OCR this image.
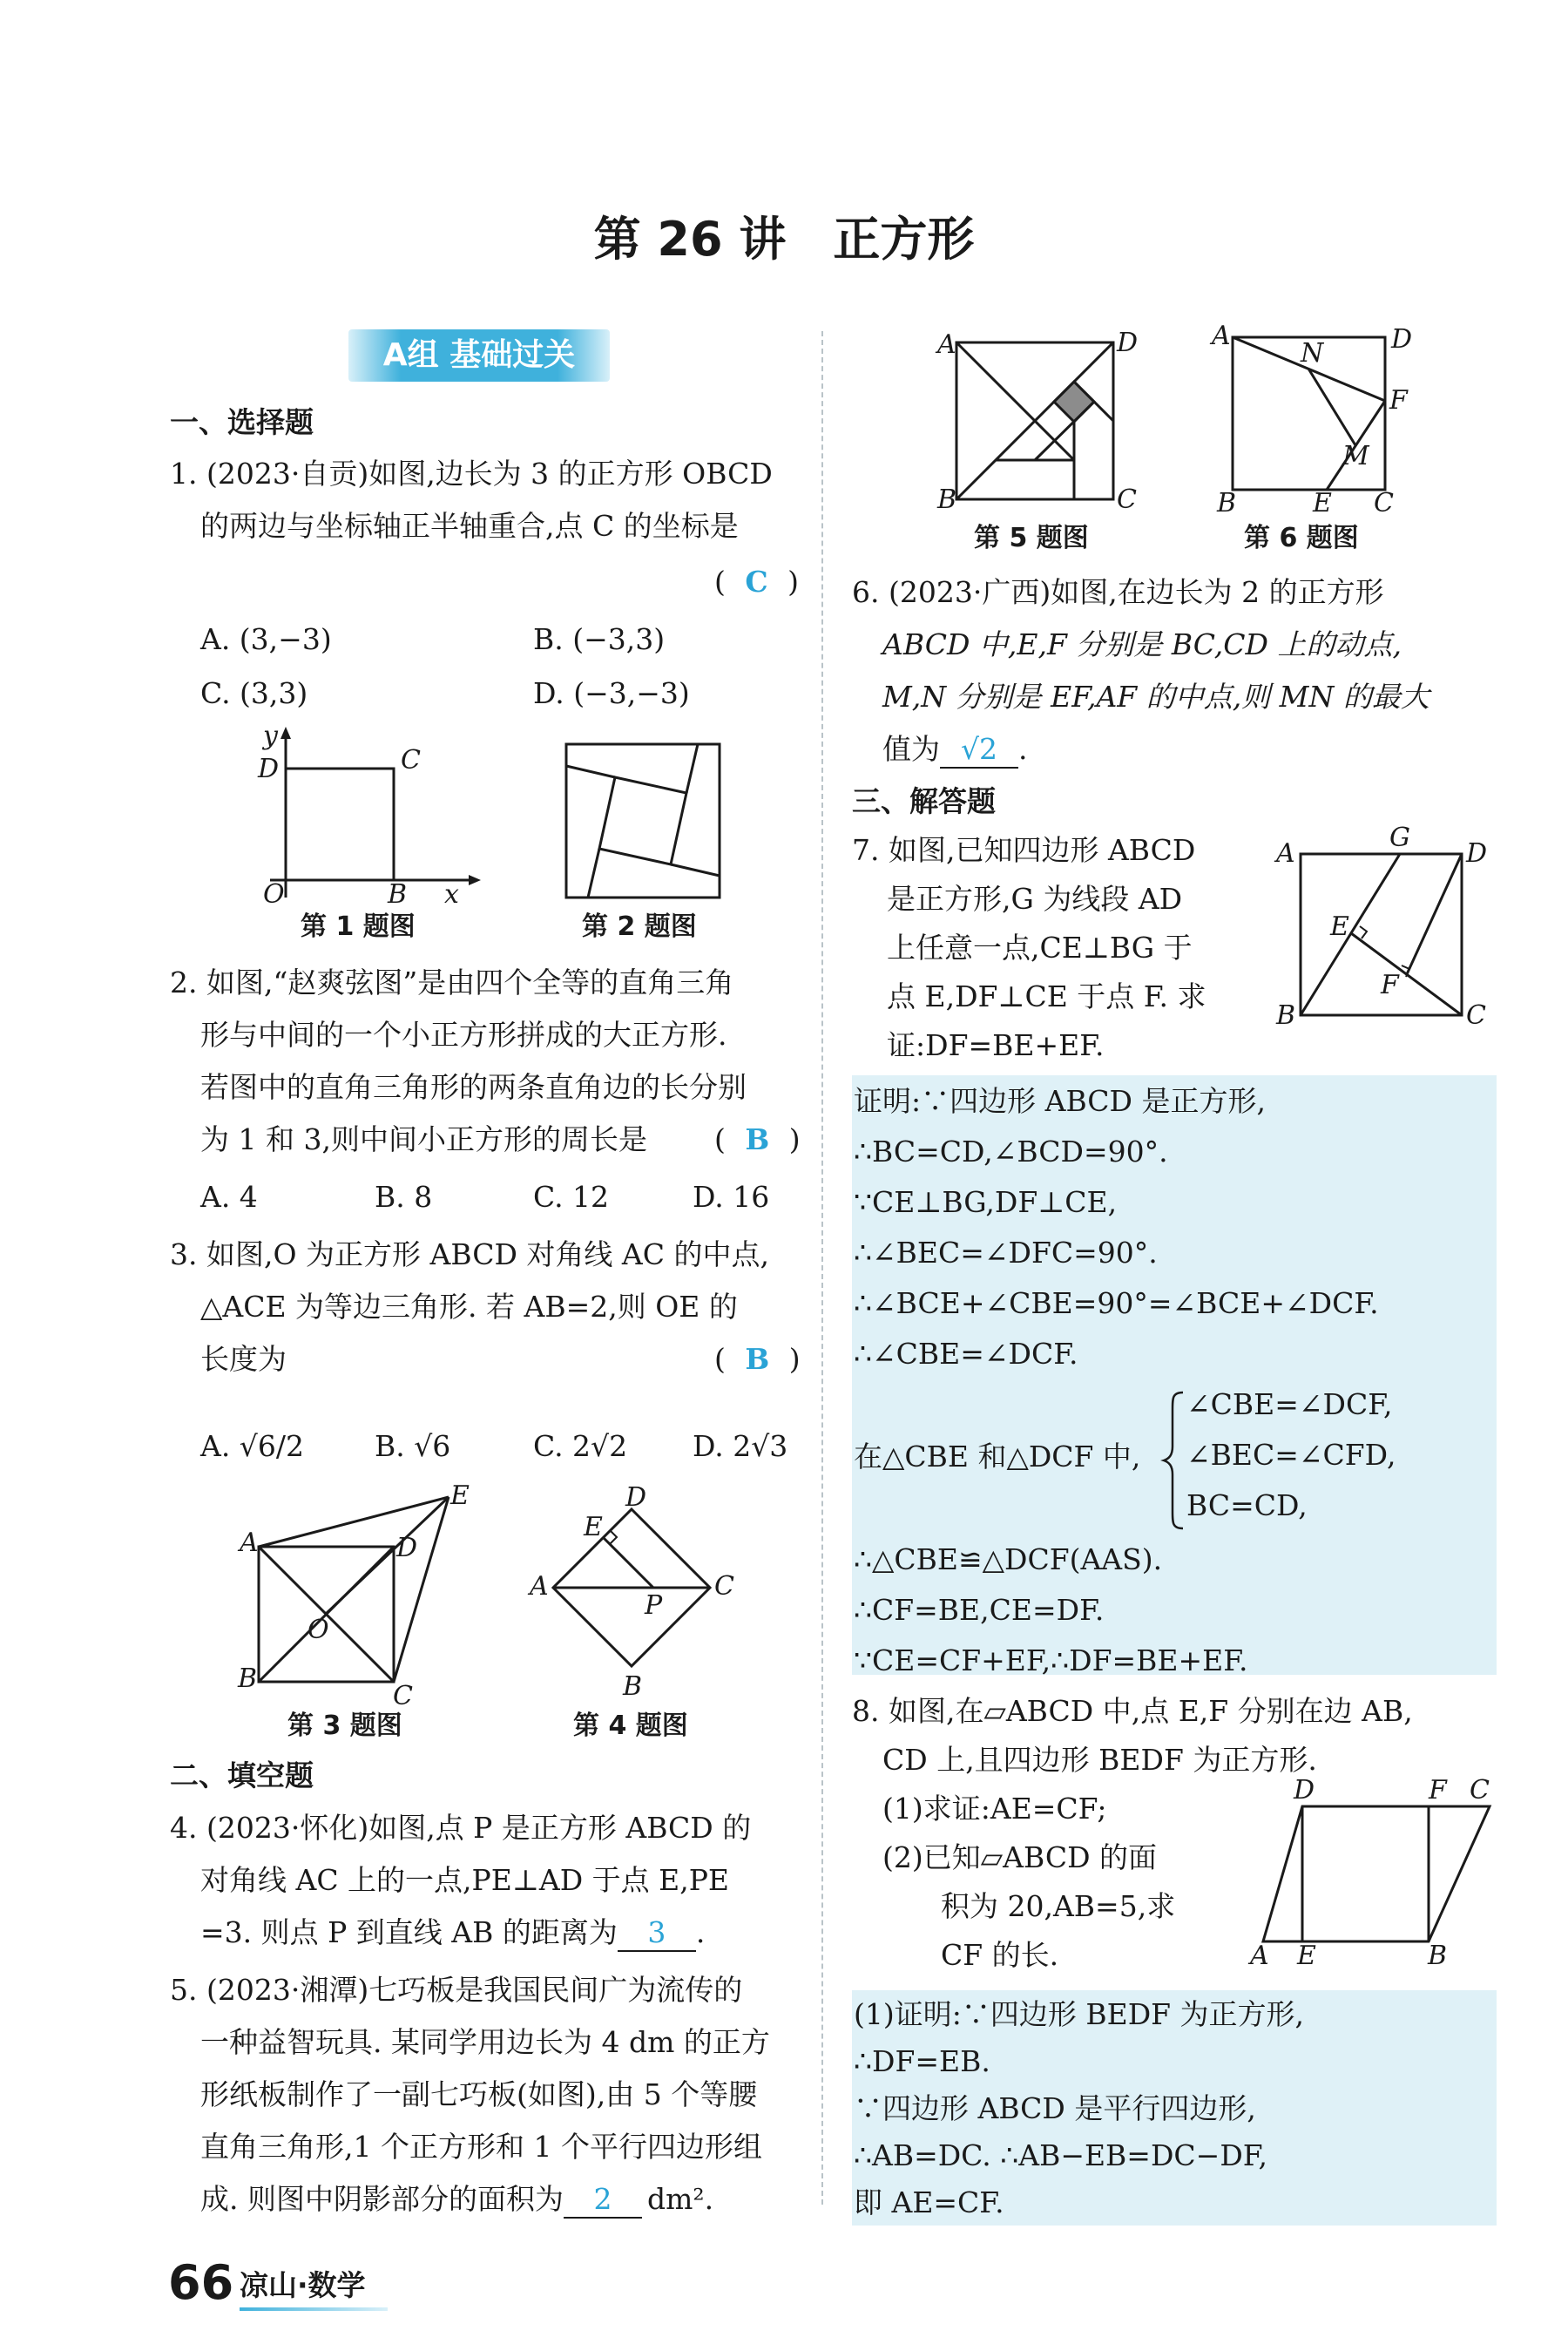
第 26 讲　正方形
A组 基础过关
一、选择题
1. (2023·自贡)如图,边长为 3 的正方形 OBCD
的两边与坐标轴正半轴重合,点 C 的坐标是
( C )
A. (3,−3)	B. (−3,3)
C. (3,3)	D. (−3,−3)
y
D	C
O	B x
第 1 题图	第 2 题图
2. 如图,“赵爽弦图”是由四个全等的直角三角
形与中间的一个小正方形拼成的大正方形.
若图中的直角三角形的两条直角边的长分别
为 1 和 3,则中间小正方形的周长是 ( B )
A. 4	B. 8	C. 12	D. 16
3. 如图,O 为正方形 ABCD 对角线 AC 的中点,
△ACE 为等边三角形. 若 AB=2,则 OE 的
长度为	( B )
A. √6/2 B. √6	C. 2√2 D. 2√3
A	D
E
O
B
C
第 3 题图
E
D
A
P
C
B
第 4 题图
二、填空题
4. (2023·怀化)如图,点 P 是正方形 ABCD 的
对角线 AC 上的一点,PE⊥AD 于点 E,PE
=3. 则点 P 到直线 AB 的距离为 3 .
5. (2023·湘潭)七巧板是我国民间广为流传的
一种益智玩具. 某同学用边长为 4 dm 的正方
形纸板制作了一副七巧板(如图),由 5 个等腰
直角三角形,1 个正方形和 1 个平行四边形组
成. 则图中阴影部分的面积为 2 dm².
A	D
B	C
第 5 题图
A
N	D
F
M
B	E C
第 6 题图
6. (2023·广西)如图,在边长为 2 的正方形
ABCD 中,E,F 分别是 BC,CD 上的动点,
M,N 分别是 EF,AF 的中点,则 MN 的最大
值为 √2 .
三、解答题
7. 如图,已知四边形 ABCD
是正方形,G 为线段 AD
上任意一点,CE⊥BG 于
点 E,DF⊥CE 于点 F. 求
证:DF=BE+EF.
A
G
D
E
F
B	C
证明:∵四边形 ABCD 是正方形,
∴BC=CD,∠BCD=90°.
∵CE⊥BG,DF⊥CE,
∴∠BEC=∠DFC=90°.
∴∠BCE+∠CBE=90°=∠BCE+∠DCF.
∴∠CBE=∠DCF.
在△CBE 和△DCF 中,
∠CBE=∠DCF,
∠BEC=∠CFD,
BC=CD,
∴△CBE≌△DCF(AAS).
∴CF=BE,CE=DF.
∵CE=CF+EF,∴DF=BE+EF.
8. 如图,在▱ABCD 中,点 E,F 分别在边 AB,
CD 上,且四边形 BEDF 为正方形.
(1)求证:AE=CF;
(2)已知▱ABCD 的面
积为 20,AB=5,求
CF 的长.
D	F C
A E	B
(1)证明:∵四边形 BEDF 为正方形,
∴DF=EB.
∵四边形 ABCD 是平行四边形,
∴AB=DC. ∴AB−EB=DC−DF,
即 AE=CF.
66 凉山·数学
